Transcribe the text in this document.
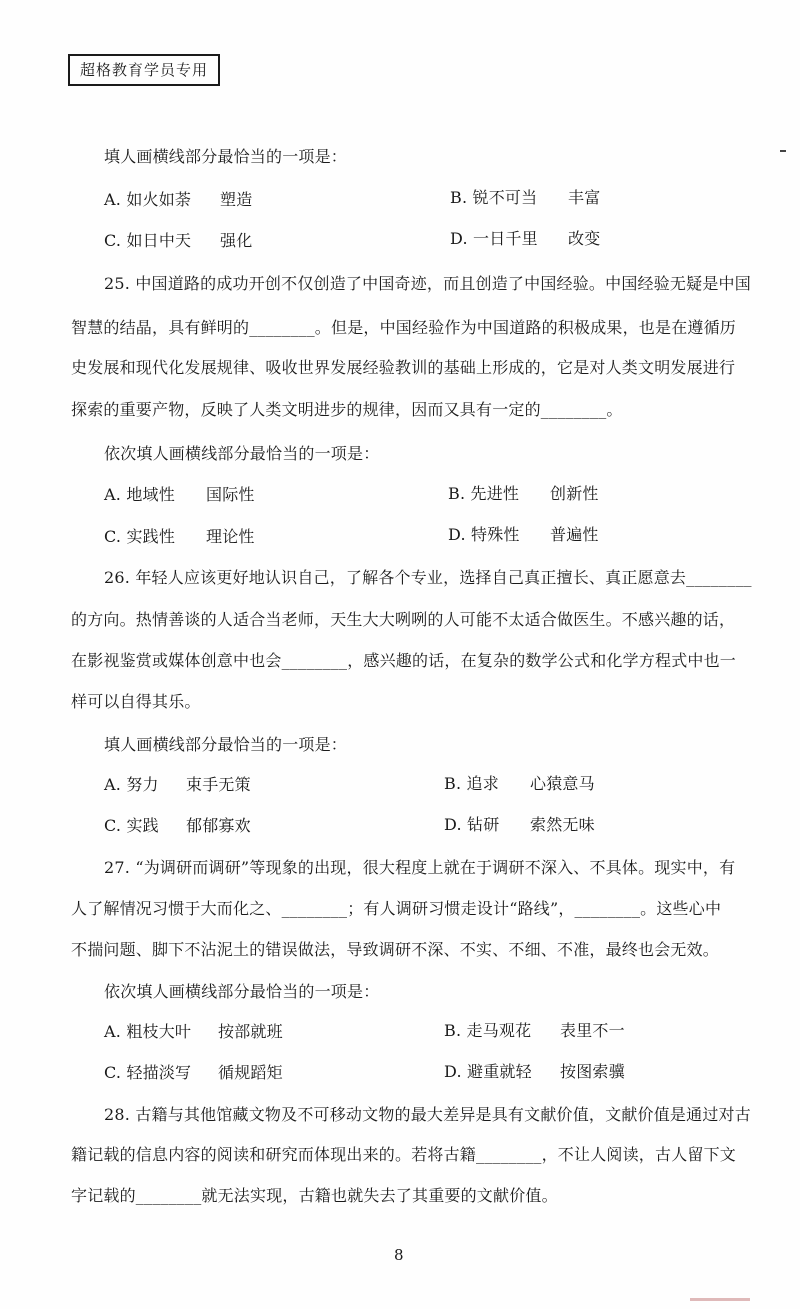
超格教育学员专用
填人画横线部分最恰当的一项是：
A. 如火如荼 塑造	B. 锐不可当 丰富
C. 如日中天 强化	D. 一日千里 改变
25. 中国道路的成功开创不仅创造了中国奇迹，而且创造了中国经验。中国经验无疑是中国
智慧的结晶，具有鲜明的________。但是，中国经验作为中国道路的积极成果，也是在遵循历
史发展和现代化发展规律、吸收世界发展经验教训的基础上形成的，它是对人类文明发展进行
探索的重要产物，反映了人类文明进步的规律，因而又具有一定的________。
依次填人画横线部分最恰当的一项是：
A. 地域性 国际性	B. 先进性 创新性
C. 实践性 理论性	D. 特殊性 普遍性
26. 年轻人应该更好地认识自己，了解各个专业，选择自己真正擅长、真正愿意去________
的方向。热情善谈的人适合当老师，天生大大咧咧的人可能不太适合做医生。不感兴趣的话，
在影视鉴赏或媒体创意中也会________，感兴趣的话，在复杂的数学公式和化学方程式中也一
样可以自得其乐。
填人画横线部分最恰当的一项是：
A. 努力 束手无策	B. 追求 心猿意马
C. 实践 郁郁寡欢	D. 钻研 索然无味
27. “为调研而调研”等现象的出现，很大程度上就在于调研不深入、不具体。现实中，有
人了解情况习惯于大而化之、________；有人调研习惯走设计“路线”，________。这些心中
不揣问题、脚下不沾泥土的错误做法，导致调研不深、不实、不细、不准，最终也会无效。
依次填人画横线部分最恰当的一项是：
A. 粗枝大叶 按部就班	B. 走马观花 表里不一
C. 轻描淡写 循规蹈矩	D. 避重就轻 按图索骥
28. 古籍与其他馆藏文物及不可移动文物的最大差异是具有文献价值，文献价值是通过对古
籍记载的信息内容的阅读和研究而体现出来的。若将古籍________，不让人阅读，古人留下文
字记载的________就无法实现，古籍也就失去了其重要的文献价值。
8
